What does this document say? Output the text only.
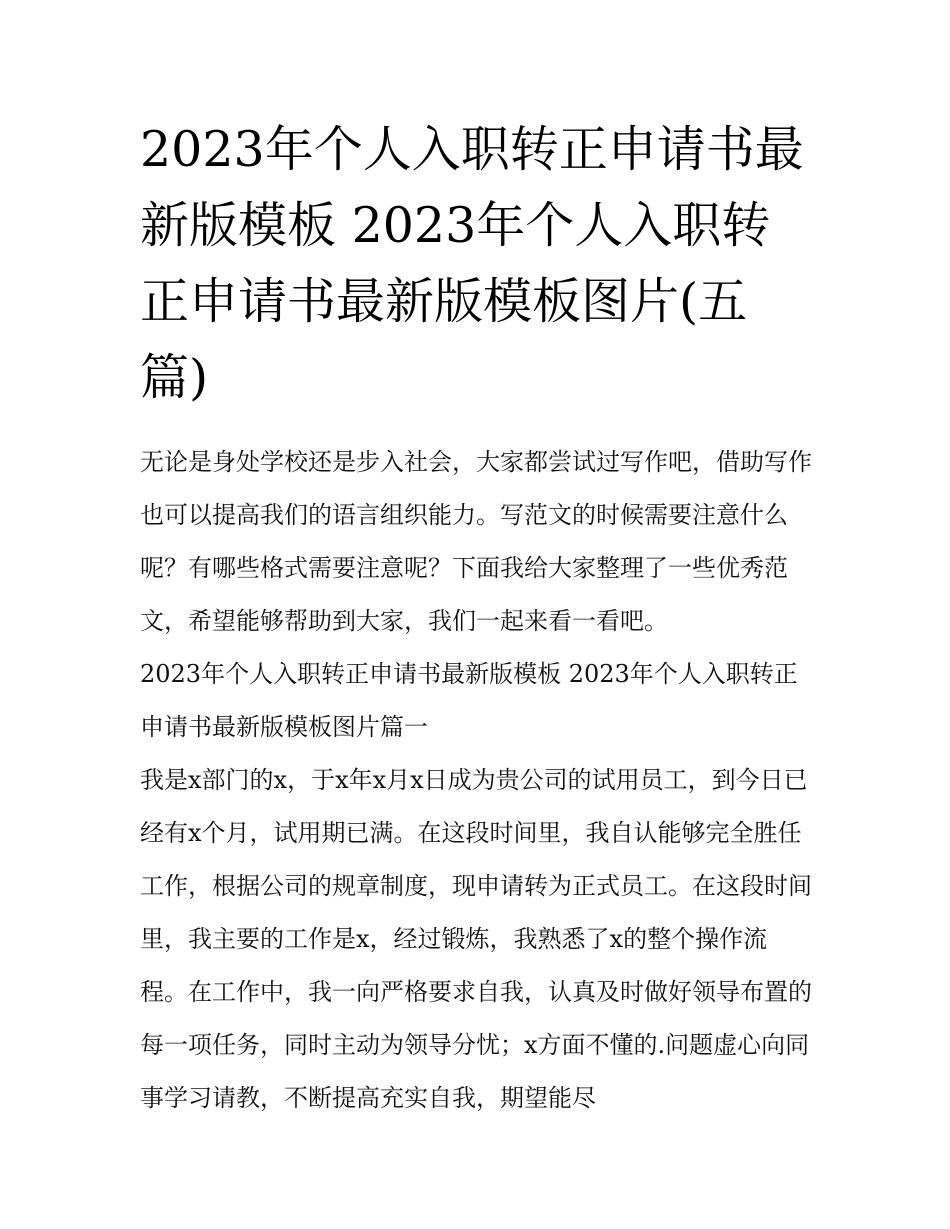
2023年个人入职转正申请书最新版模板 2023年个人入职转正申请书最新版模板图片(五篇)

无论是身处学校还是步入社会，大家都尝试过写作吧，借助写作也可以提高我们的语言组织能力。写范文的时候需要注意什么呢？有哪些格式需要注意呢？下面我给大家整理了一些优秀范文，希望能够帮助到大家，我们一起来看一看吧。

2023年个人入职转正申请书最新版模板 2023年个人入职转正申请书最新版模板图片篇一

我是x部门的x，于x年x月x日成为贵公司的试用员工，到今日已经有x个月，试用期已满。在这段时间里，我自认能够完全胜任工作，根据公司的规章制度，现申请转为正式员工。在这段时间里，我主要的工作是x，经过锻炼，我熟悉了x的整个操作流程。在工作中，我一向严格要求自我，认真及时做好领导布置的每一项任务，同时主动为领导分忧；x方面不懂的.问题虚心向同事学习请教，不断提高充实自我，期望能尽
